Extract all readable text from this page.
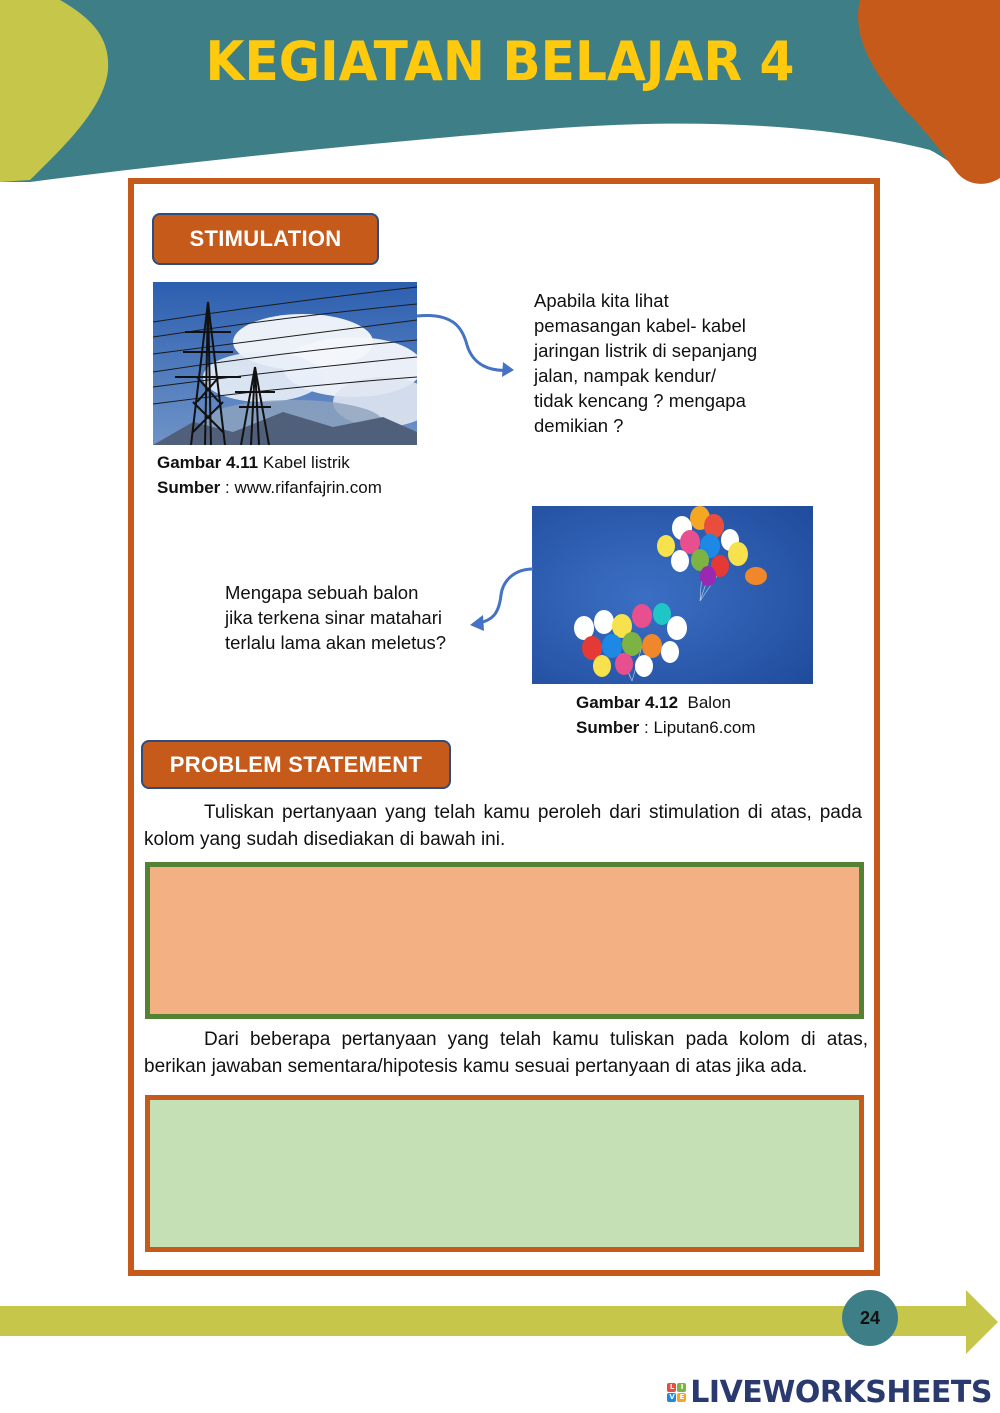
KEGIATAN BELAJAR 4
STIMULATION
Apabila kita lihat
pemasangan kabel- kabel
jaringan listrik di sepanjang
jalan, nampak kendur/
tidak kencang ? mengapa
demikian ?
Gambar 4.11 Kabel listrik
Sumber : www.rifanfajrin.com
Mengapa sebuah balon
jika terkena sinar matahari
terlalu lama akan meletus?
Gambar 4.12 Balon
Sumber : Liputan6.com
PROBLEM STATEMENT
Tuliskan pertanyaan yang telah kamu peroleh dari stimulation di atas, pada kolom yang sudah disediakan di bawah ini.
Dari beberapa pertanyaan yang telah kamu tuliskan pada kolom di atas, berikan jawaban sementara/hipotesis kamu sesuai pertanyaan di atas jika ada.
24
L I
V E LIVEWORKSHEETS
